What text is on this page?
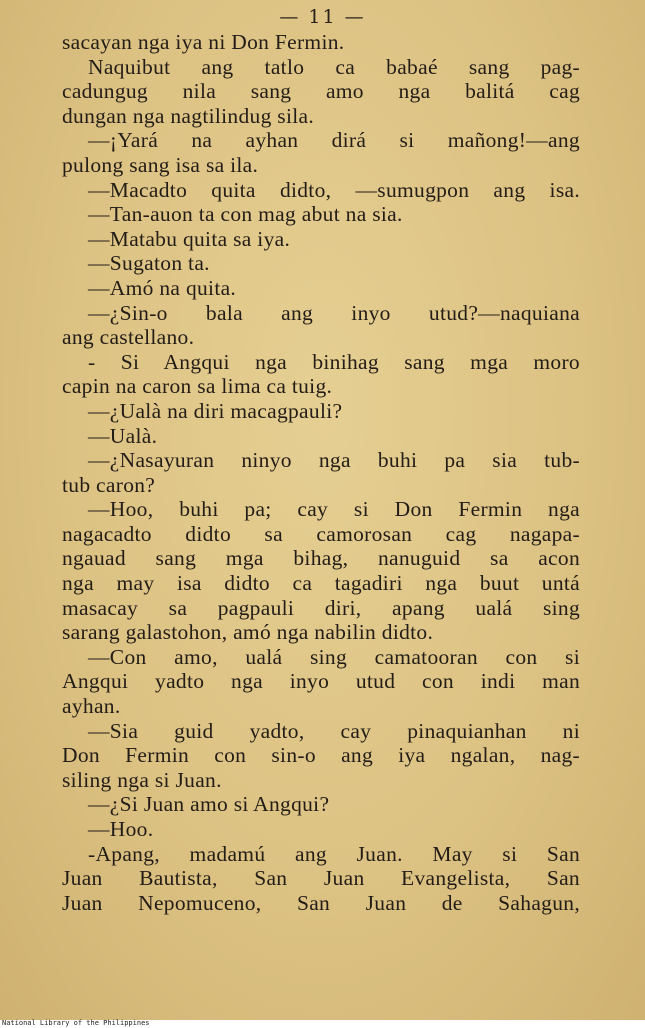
— 11 —
sacayan nga iya ni Don Fermin.
Naquibut ang tatlo ca babaé sang pag-
cadungug nila sang amo nga balitá cag
dungan nga nagtilindug sila.
—¡Yará na ayhan dirá si mañong!—ang
pulong sang isa sa ila.
—Macadto quita didto, —sumugpon ang isa.
—Tan-auon ta con mag abut na sia.
—Matabu quita sa iya.
—Sugaton ta.
—Amó na quita.
—¿Sin-o bala ang inyo utud?—naquiana
ang castellano.
- Si Angqui nga binihag sang mga moro
capin na caron sa lima ca tuig.
—¿Ualà na diri macagpauli?
—Ualà.
—¿Nasayuran ninyo nga buhi pa sia tub-
tub caron?
—Hoo, buhi pa; cay si Don Fermin nga
nagacadto didto sa camorosan cag nagapa-
ngauad sang mga bihag, nanuguid sa acon
nga may isa didto ca tagadiri nga buut untá
masacay sa pagpauli diri, apang ualá sing
sarang galastohon, amó nga nabilin didto.
—Con amo, ualá sing camatooran con si
Angqui yadto nga inyo utud con indi man
ayhan.
—Sia guid yadto, cay pinaquianhan ni
Don Fermin con sin-o ang iya ngalan, nag-
siling nga si Juan.
—¿Si Juan amo si Angqui?
—Hoo.
-Apang, madamú ang Juan. May si San
Juan Bautista, San Juan Evangelista, San
Juan Nepomuceno, San Juan de Sahagun,
National Library of the Philippines
